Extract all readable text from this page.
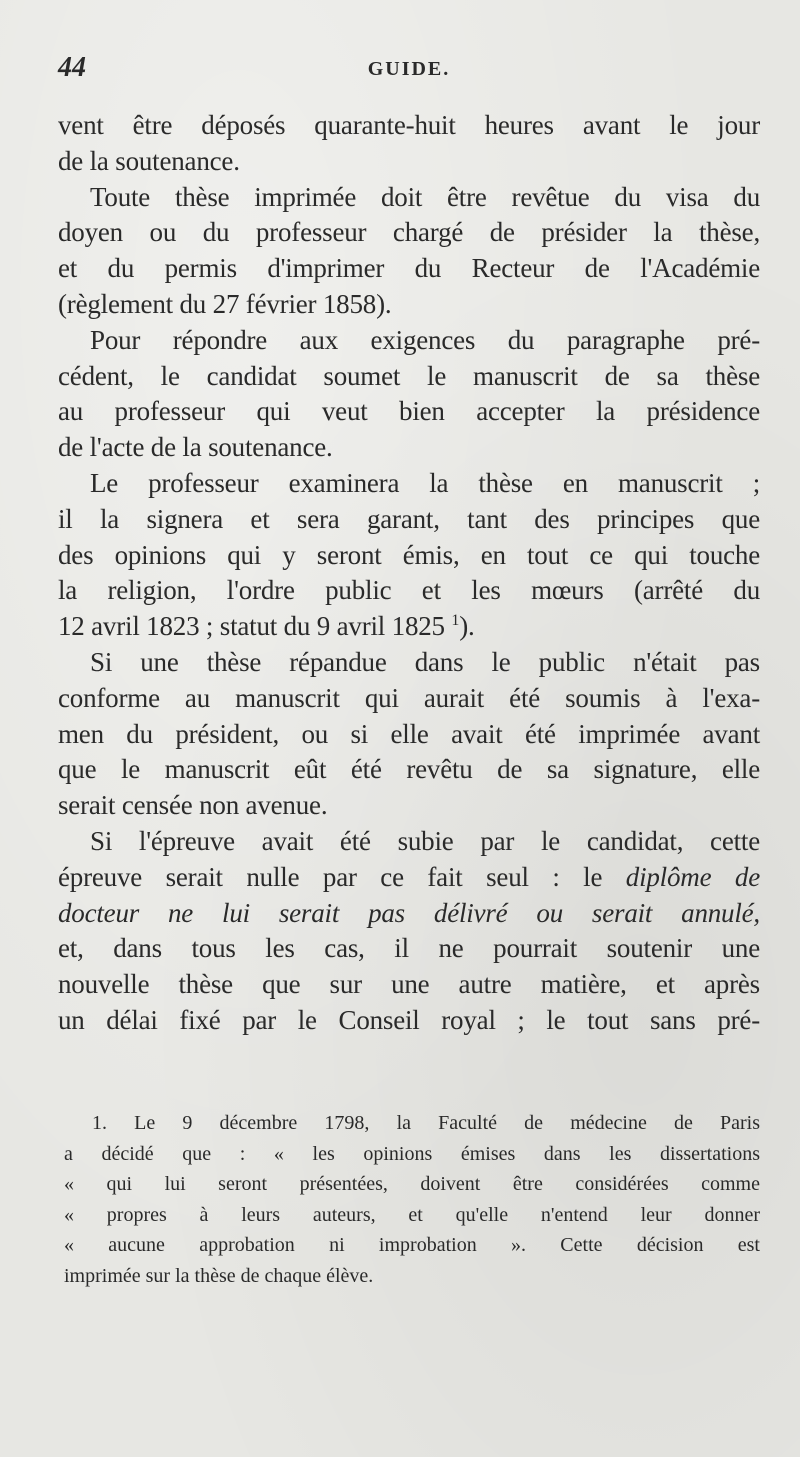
44	GUIDE.
vent être déposés quarante-huit heures avant le jour
de la soutenance.
Toute thèse imprimée doit être revêtue du visa du
doyen ou du professeur chargé de présider la thèse,
et du permis d'imprimer du Recteur de l'Académie
(règlement du 27 février 1858).
Pour répondre aux exigences du paragraphe pré-
cédent, le candidat soumet le manuscrit de sa thèse
au professeur qui veut bien accepter la présidence
de l'acte de la soutenance.
Le professeur examinera la thèse en manuscrit ;
il la signera et sera garant, tant des principes que
des opinions qui y seront émis, en tout ce qui touche
la religion, l'ordre public et les mœurs (arrêté du
12 avril 1823 ; statut du 9 avril 1825 $^1$).
Si une thèse répandue dans le public n'était pas
conforme au manuscrit qui aurait été soumis à l'exa-
men du président, ou si elle avait été imprimée avant
que le manuscrit eût été revêtu de sa signature, elle
serait censée non avenue.
Si l'épreuve avait été subie par le candidat, cette
épreuve serait nulle par ce fait seul : le diplôme de
docteur ne lui serait pas délivré ou serait annulé,
et, dans tous les cas, il ne pourrait soutenir une
nouvelle thèse que sur une autre matière, et après
un délai fixé par le Conseil royal ; le tout sans pré-
1. Le 9 décembre 1798, la Faculté de médecine de Paris
a décidé que : « les opinions émises dans les dissertations
« qui lui seront présentées, doivent être considérées comme
« propres à leurs auteurs, et qu'elle n'entend leur donner
« aucune approbation ni improbation ». Cette décision est
imprimée sur la thèse de chaque élève.
